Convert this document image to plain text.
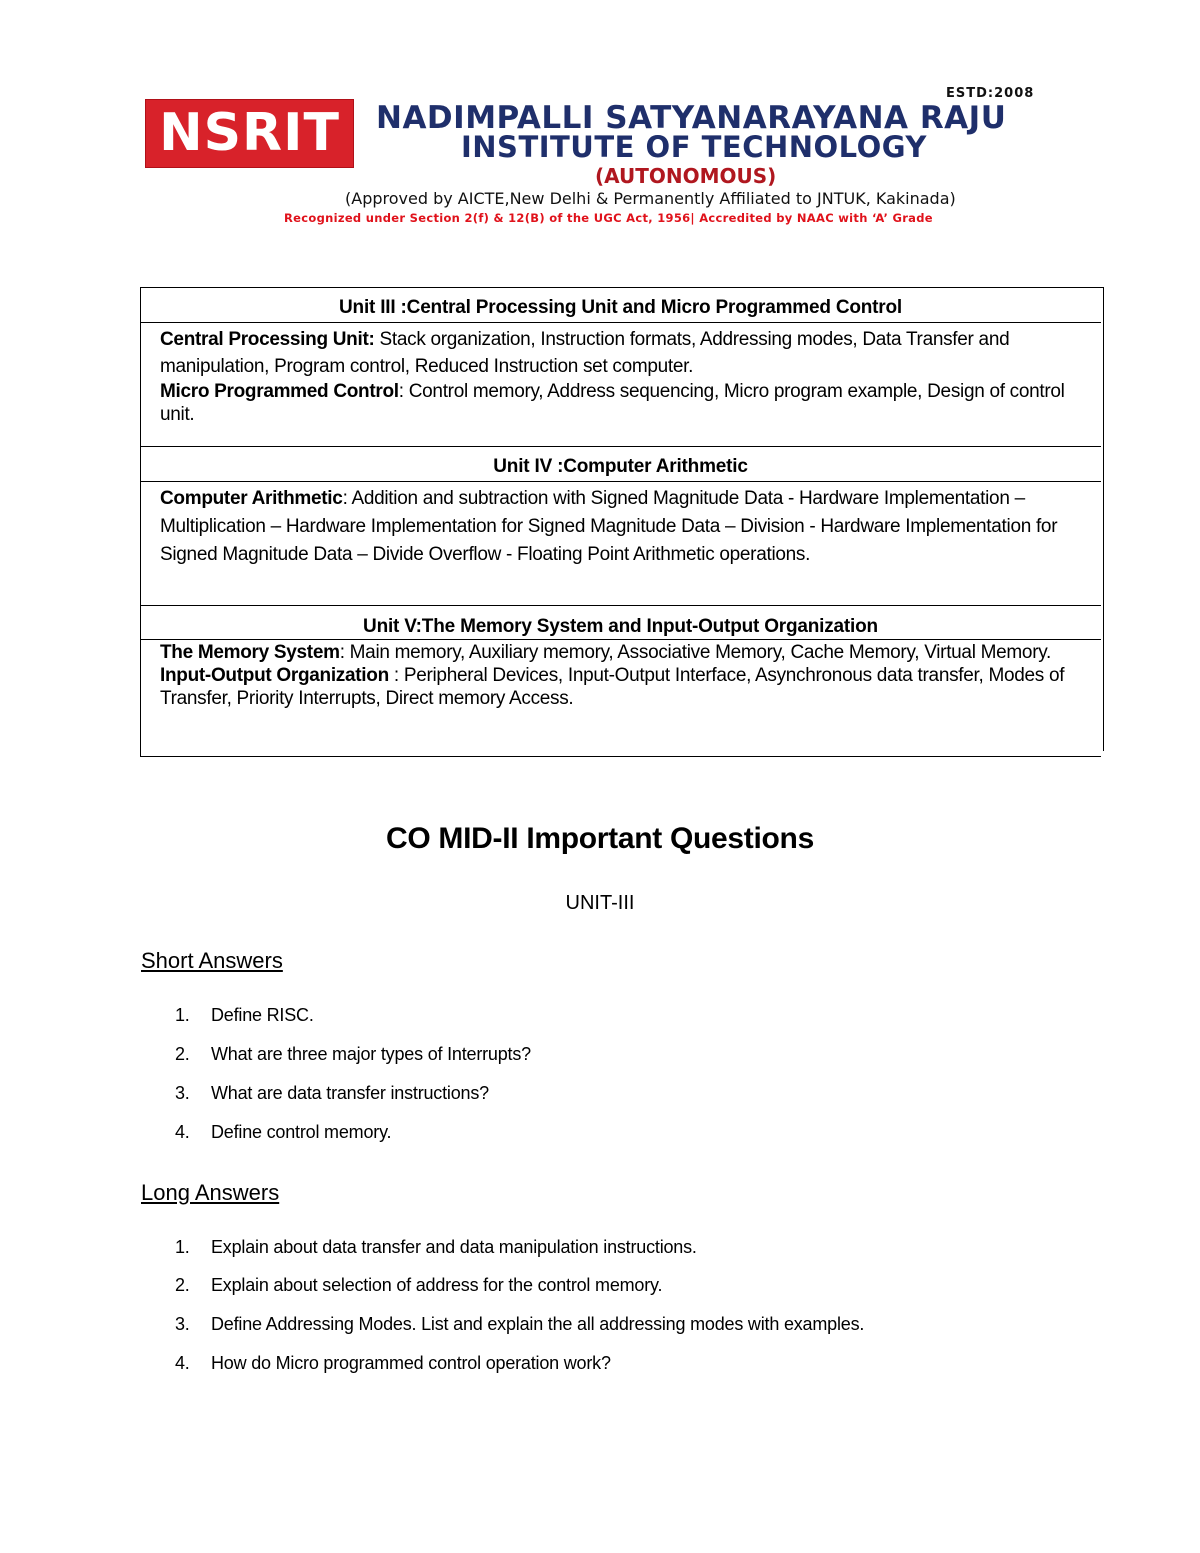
ESTD:2008
NSRIT	NADIMPALLI SATYANARAYANA RAJU
INSTITUTE OF TECHNOLOGY
(AUTONOMOUS)
(Approved by AICTE,New Delhi & Permanently Affiliated to JNTUK, Kakinada)
Recognized under Section 2(f) & 12(B) of the UGC Act, 1956| Accredited by NAAC with ‘A’ Grade
Unit III :Central Processing Unit and Micro Programmed Control

Central Processing Unit: Stack organization, Instruction formats, Addressing modes, Data Transfer and manipulation, Program control, Reduced Instruction set computer.

Micro Programmed Control: Control memory, Address sequencing, Micro program example, Design of control unit.

Unit IV :Computer Arithmetic

Computer Arithmetic: Addition and subtraction with Signed Magnitude Data - Hardware Implementation – Multiplication – Hardware Implementation for Signed Magnitude Data – Division - Hardware Implementation for Signed Magnitude Data – Divide Overflow - Floating Point Arithmetic operations.

Unit V:The Memory System and Input-Output Organization

The Memory System: Main memory, Auxiliary memory, Associative Memory, Cache Memory, Virtual Memory.

Input-Output Organization : Peripheral Devices, Input-Output Interface, Asynchronous data transfer, Modes of Transfer, Priority Interrupts, Direct memory Access.

CO MID-II Important Questions
UNIT-III
Short Answers
1. Define RISC.
2. What are three major types of Interrupts?
3. What are data transfer instructions?
4. Define control memory.
Long Answers
1. Explain about data transfer and data manipulation instructions.
2. Explain about selection of address for the control memory.
3. Define Addressing Modes. List and explain the all addressing modes with examples.
4. How do Micro programmed control operation work?
